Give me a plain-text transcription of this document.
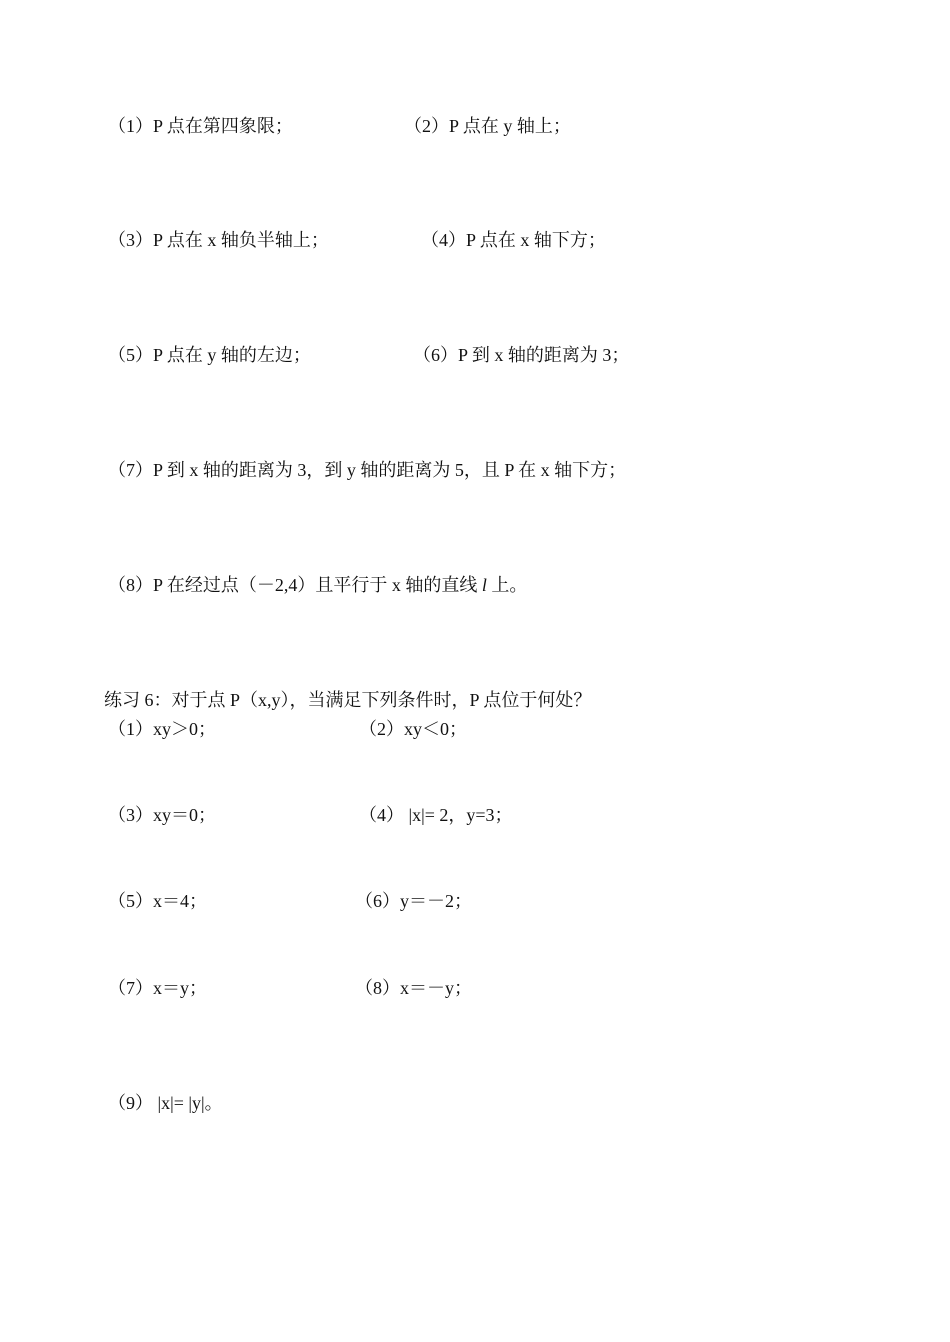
（1）P 点在第四象限；	（2）P 点在 y 轴上；
（3）P 点在 x 轴负半轴上；	（4）P 点在 x 轴下方；
（5）P 点在 y 轴的左边；	（6）P 到 x 轴的距离为 3；
（7）P 到 x 轴的距离为 3，到 y 轴的距离为 5，且 P 在 x 轴下方；
（8）P 在经过点（－2,4）且平行于 x 轴的直线 l 上。
练习 6：对于点 P（x,y），当满足下列条件时，P 点位于何处？
（1）xy＞0；	（2）xy＜0；
（3）xy＝0；	（4） |x|= 2，y=3；
（5）x＝4；	（6）y＝－2；
（7）x＝y；	（8）x＝－y；
（9） |x|= |y|。
